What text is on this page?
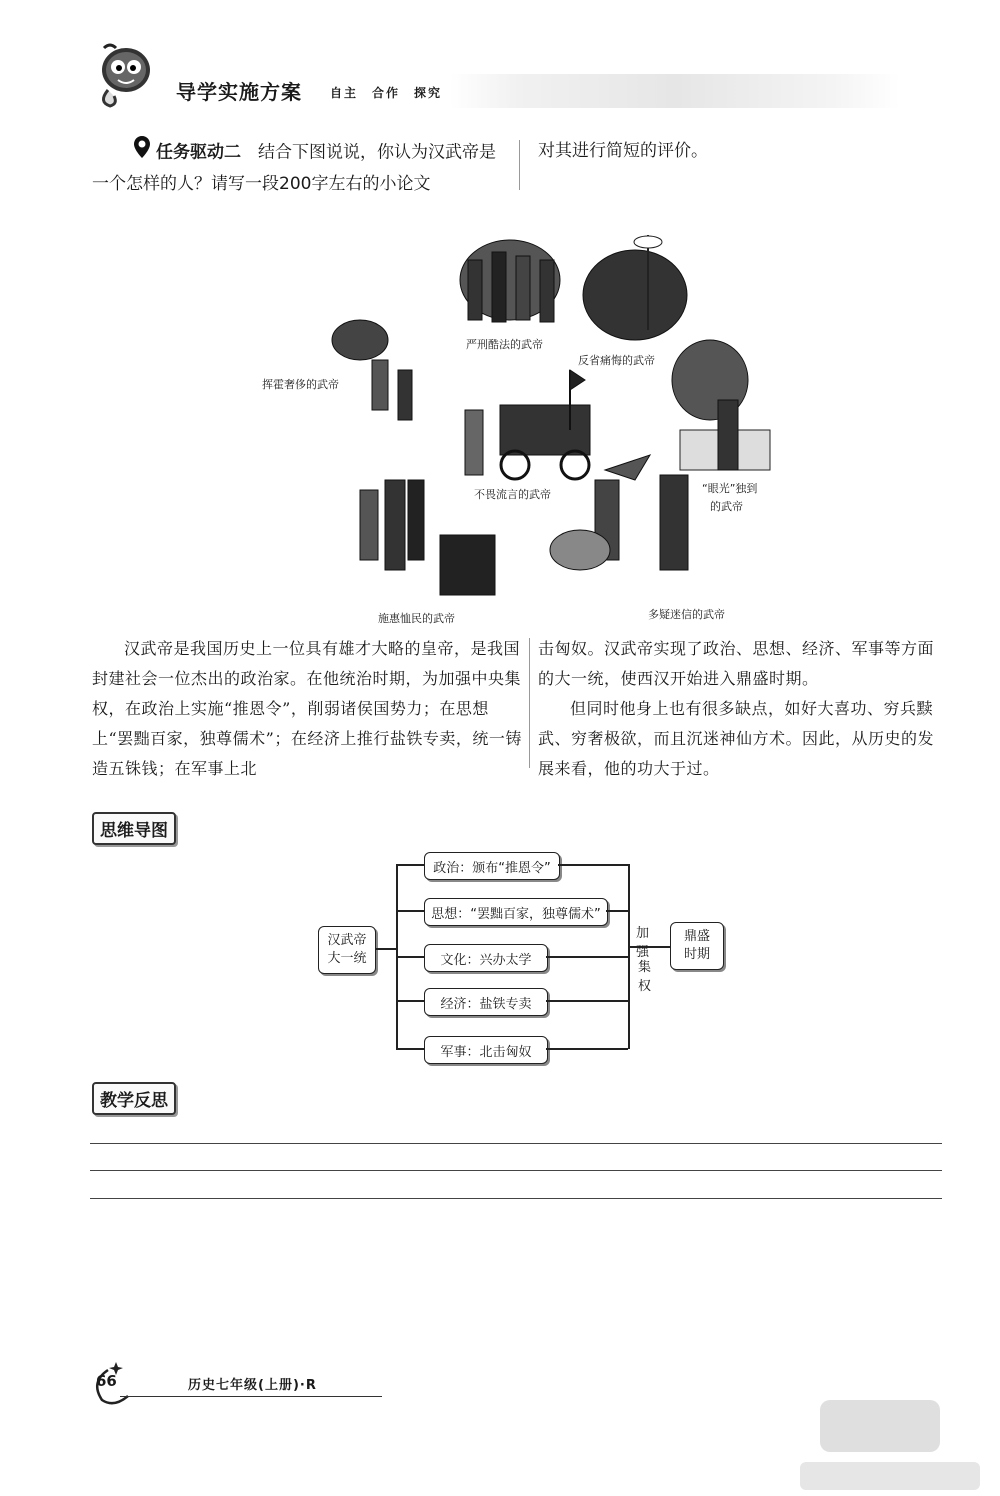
导学实施方案 自主　合作　探究
任务驱动二　 结合下图说说，你认为汉武帝是一个怎样的人？请写一段200字左右的小论文
对其进行简短的评价。
严刑酷法的武帝
反省痛悔的武帝
挥霍奢侈的武帝
不畏流言的武帝	“眼光”独到
的武帝
施惠恤民的武帝	多疑迷信的武帝
汉武帝是我国历史上一位具有雄才大略的皇帝，是我国封建社会一位杰出的政治家。在他统治时期，为加强中央集权，在政治上实施“推恩令”，削弱诸侯国势力；在思想上“罢黜百家，独尊儒术”；在经济上推行盐铁专卖，统一铸造五铢钱；在军事上北
击匈奴。汉武帝实现了政治、思想、经济、军事等方面的大一统，使西汉开始进入鼎盛时期。
但同时他身上也有很多缺点，如好大喜功、穷兵黩武、穷奢极欲，而且沉迷神仙方术。因此，从历史的发展来看，他的功大于过。
思维导图
汉武帝
大一统
政治：颁布“推恩令”
思想：“罢黜百家，独尊儒术”
文化：兴办太学
经济：盐铁专卖
军事：北击匈奴
加强
集权
鼎盛
时期
教学反思
66	历史七年级(上册)·R
